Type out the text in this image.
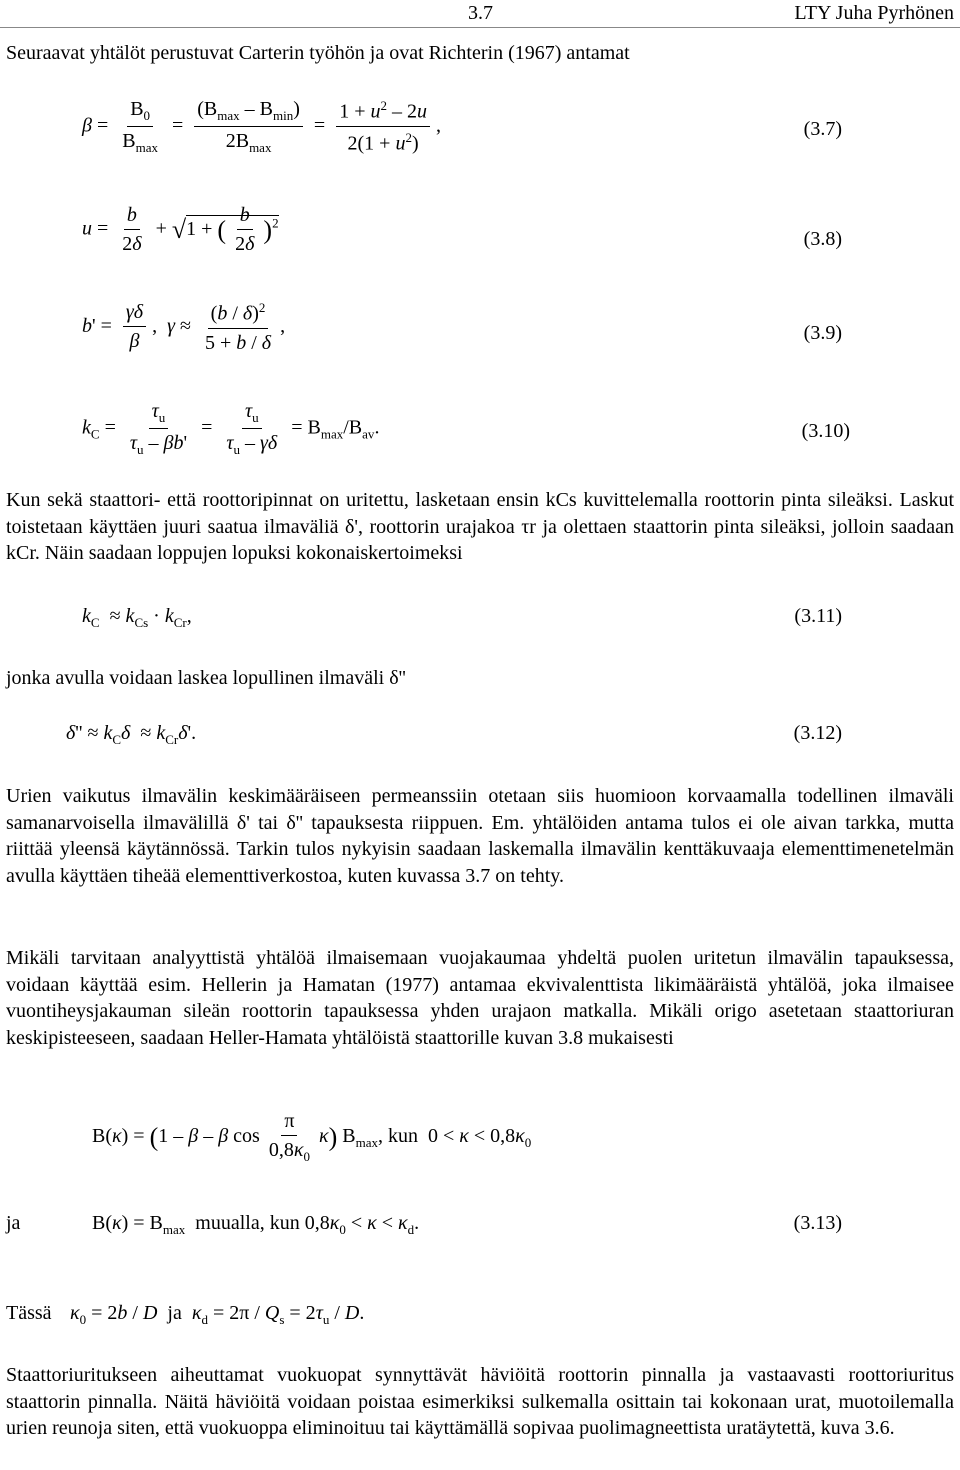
3.7	LTY Juha Pyrhönen
Seuraavat yhtälöt perustuvat Carterin työhön ja ovat Richterin (1967) antamat
$\beta = \frac{B_0}{B_{max}} = \frac{(B_{max} - B_{min})}{2B_{max}} = \frac{1 + u^2 - 2u}{2(1 + u^2)}$ ,	(3.7)
$u = \frac{b}{2\delta} + √1$ + ( $\frac{b}{2\delta} )^2$
(3.8)
$b' = \frac{\gamma\delta}{\beta}$ ,  $\gamma \approx \frac{(b / \delta)^2}{5 + b / \delta}$ ,	(3.9)
$k_C = \frac{\tau_u}{\tau_u - \beta b'} = \frac{\tau_u}{\tau_u - \gamma\delta} = B_{max}/B_{av}$.	(3.10)
Kun sekä staattori- että roottoripinnat on uritettu, lasketaan ensin kCs kuvittelemalla roottorin pinta sileäksi. Laskut toistetaan käyttäen juuri saatua ilmaväliä δ', roottorin urajakoa τr ja olettaen staattorin pinta sileäksi, jolloin saadaan kCr. Näin saadaan loppujen lopuksi kokonaiskertoimeksi
$k_C \approx k_{Cs} \cdot k_{Cr}$,	(3.11)
jonka avulla voidaan laskea lopullinen ilmaväli δ''
$\delta'' \approx k_C\delta \approx k_{Cr}\delta'$.	(3.12)
Urien vaikutus ilmavälin keskimääräiseen permeanssiin otetaan siis huomioon korvaamalla todellinen ilmaväli samanarvoisella ilmavälillä δ' tai δ'' tapauksesta riippuen. Em. yhtälöiden antama tulos ei ole aivan tarkka, mutta riittää yleensä käytännössä. Tarkin tulos nykyisin saadaan laskemalla ilmavälin kenttäkuvaaja elementtimenetelmän avulla käyttäen tiheää elementtiverkostoa, kuten kuvassa 3.7 on tehty.
Mikäli tarvitaan analyyttistä yhtälöä ilmaisemaan vuojakaumaa yhdeltä puolen uritetun ilmavälin tapauksessa, voidaan käyttää esim. Hellerin ja Hamatan (1977) antamaa ekvivalenttista likimääräistä yhtälöä, joka ilmaisee vuontiheysjakauman sileän roottorin tapauksessa yhden urajaon matkalla. Mikäli origo asetetaan staattoriuran keskipisteeseen, saadaan Heller-Hamata yhtälöistä staattorille kuvan 3.8 mukaisesti
B(κ) = (1 – β – β $\cos \frac{\pi}{0,8\kappa_0} \kappa$) $B_{max}$, kun  $0 < \kappa < 0,8\kappa_0$
ja	$B(\kappa) = B_{max}$ muualla, kun $0,8\kappa_0 < \kappa < \kappa_d$.	(3.13)
Tässä $\kappa_0 = 2b / D$  ja  $\kappa_d = 2\pi / Q_s = 2\tau_u / D$.
Staattoriuritukseen aiheuttamat vuokuopat synnyttävät häviöitä roottorin pinnalla ja vastaavasti roottoriuritus staattorin pinnalla. Näitä häviöitä voidaan poistaa esimerkiksi sulkemalla osittain tai kokonaan urat, muotoilemalla urien reunoja siten, että vuokuoppa eliminoituu tai käyttämällä sopivaa puolimagneettista uratäytettä, kuva 3.6.
